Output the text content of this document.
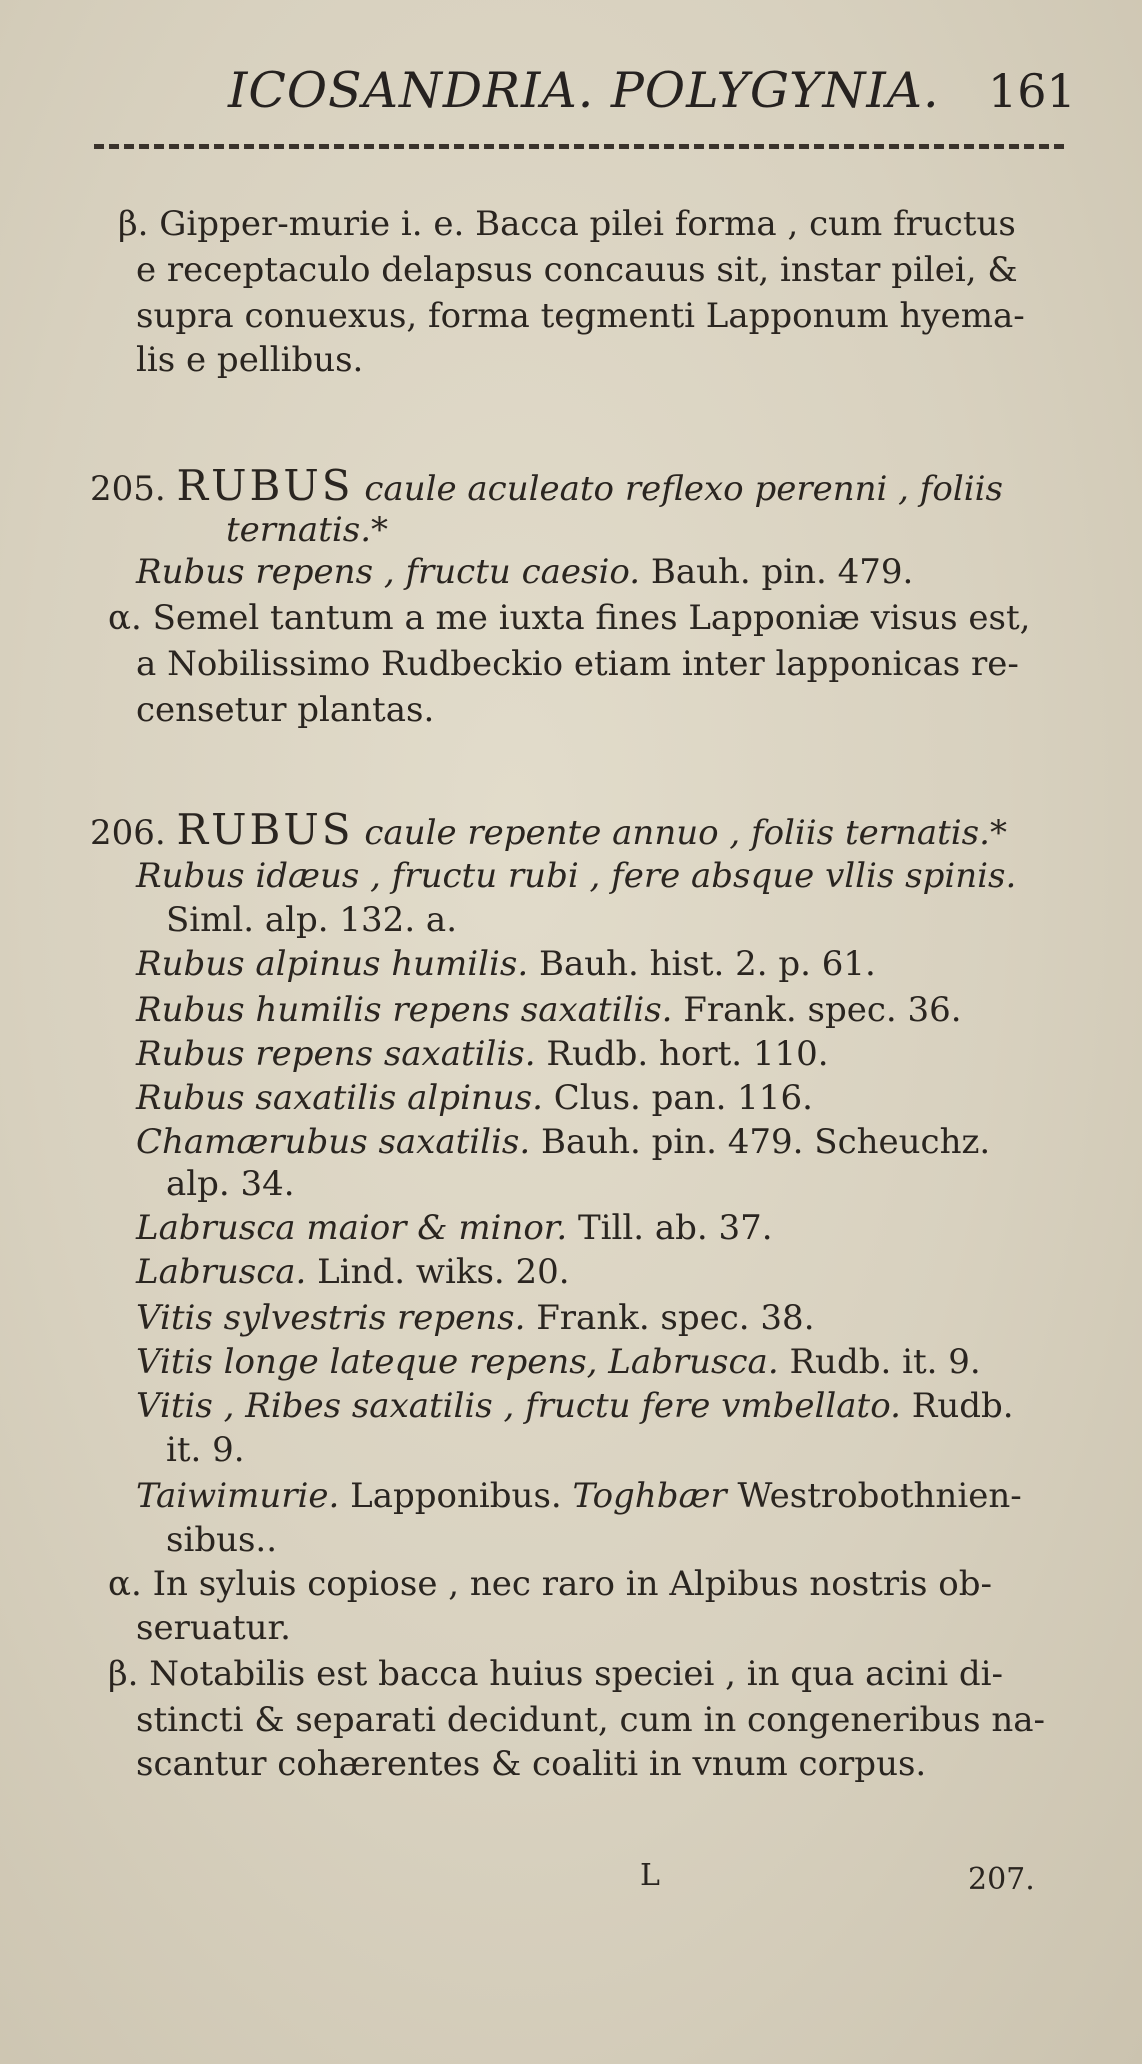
ICOSANDRIA. POLYGYNIA. 161
β. Gipper-murie i. e. Bacca pilei forma , cum fructus
e receptaculo delapsus concauus sit, instar pilei, &
supra conuexus, forma tegmenti Lapponum hyema-
lis e pellibus.
205. RUBUS caule aculeato reflexo perenni , foliis
ternatis.*
Rubus repens , fructu caesio. Bauh. pin. 479.
α. Semel tantum a me iuxta fines Lapponiæ visus est,
a Nobilissimo Rudbeckio etiam inter lapponicas re-
censetur plantas.
206. RUBUS caule repente annuo , foliis ternatis.*
Rubus idæus , fructu rubi , fere absque vllis spinis.
Siml. alp. 132. a.
Rubus alpinus humilis. Bauh. hist. 2. p. 61.
Rubus humilis repens saxatilis. Frank. spec. 36.
Rubus repens saxatilis. Rudb. hort. 110.
Rubus saxatilis alpinus. Clus. pan. 116.
Chamærubus saxatilis. Bauh. pin. 479. Scheuchz.
alp. 34.
Labrusca maior & minor. Till. ab. 37.
Labrusca. Lind. wiks. 20.
Vitis sylvestris repens. Frank. spec. 38.
Vitis longe lateque repens, Labrusca. Rudb. it. 9.
Vitis , Ribes saxatilis , fructu fere vmbellato. Rudb.
it. 9.
Taiwimurie. Lapponibus. Toghbær Westrobothnien-
sibus..
α. In syluis copiose , nec raro in Alpibus nostris ob-
seruatur.
β. Notabilis est bacca huius speciei , in qua acini di-
stincti & separati decidunt, cum in congeneribus na-
scantur cohærentes & coaliti in vnum corpus.
L	207.
